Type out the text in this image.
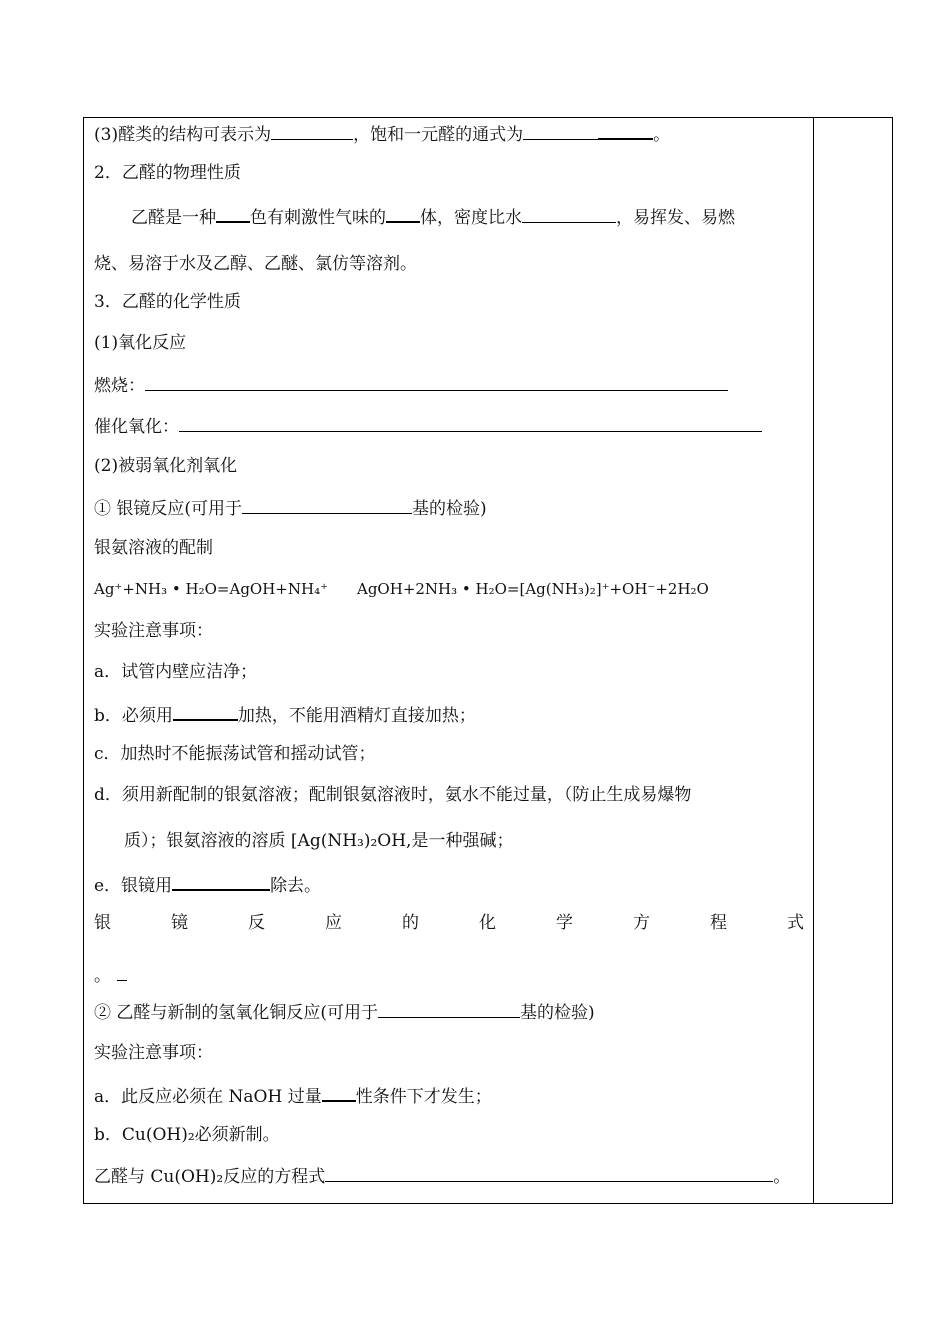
(3)醛类的结构可表示为	，饱和一元醛的通式为	。
2．乙醛的物理性质
乙醛是一种 色有刺激性气味的 体，密度比水	，易挥发、易燃
烧、易溶于水及乙醇、乙醚、氯仿等溶剂。
3．乙醛的化学性质
(1)氧化反应
燃烧：
催化氧化：
(2)被弱氧化剂氧化
① 银镜反应(可用于	基的检验)
银氨溶液的配制
Ag⁺+NH₃ • H₂O=AgOH+NH₄⁺ AgOH+2NH₃ • H₂O=[Ag(NH₃)₂]⁺+OH⁻+2H₂O
实验注意事项：
a．试管内壁应洁净；
b．必须用	加热，不能用酒精灯直接加热；
c．加热时不能振荡试管和摇动试管；
d．须用新配制的银氨溶液；配制银氨溶液时，氨水不能过量，（防止生成易爆物
质）；银氨溶液的溶质 [Ag(NH₃)₂OH,是一种强碱；
e．银镜用	除去。
银	镜	反	应	的	化	学	方	程	式
。
② 乙醛与新制的氢氧化铜反应(可用于	基的检验)
实验注意事项：
a．此反应必须在 NaOH 过量 性条件下才发生；
b．Cu(OH)₂必须新制。
乙醛与 Cu(OH)₂反应的方程式	。
